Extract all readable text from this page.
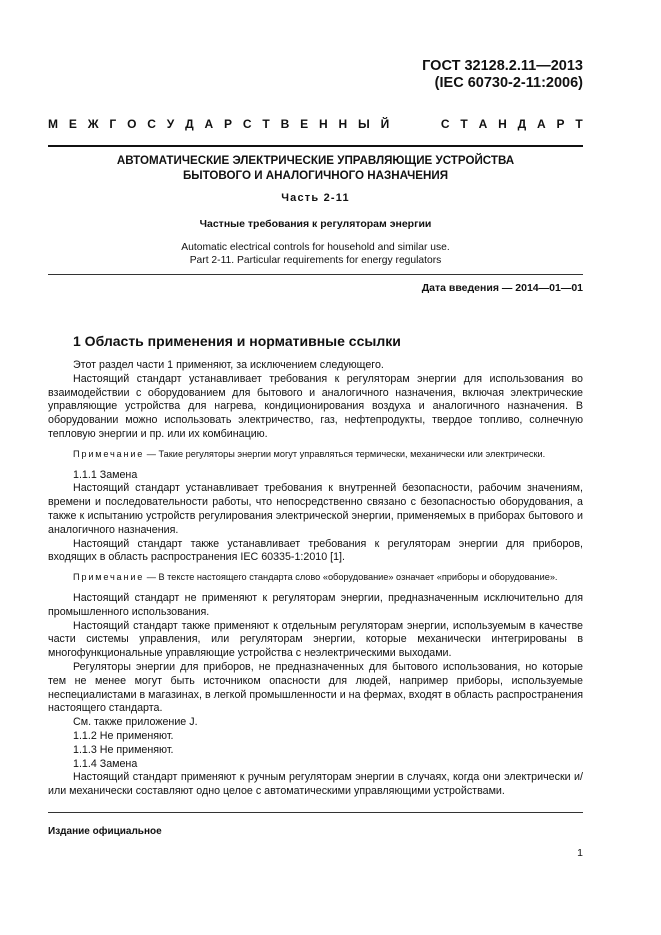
ГОСТ 32128.2.11—2013
(IEC 60730-2-11:2006)
М Е Ж Г О С У Д А Р С Т В Е Н Н Ы Й	С Т А Н Д А Р Т
АВТОМАТИЧЕСКИЕ ЭЛЕКТРИЧЕСКИЕ УПРАВЛЯЮЩИЕ УСТРОЙСТВА
БЫТОВОГО И АНАЛОГИЧНОГО НАЗНАЧЕНИЯ
Часть 2-11
Частные требования к регуляторам энергии
Automatic electrical controls for household and similar use.
Part 2-11. Particular requirements for energy regulators
Дата введения — 2014—01—01
1 Область применения и нормативные ссылки

Этот раздел части 1 применяют, за исключением следующего.

Настоящий стандарт устанавливает требования к регуляторам энергии для использования во взаимодействии с оборудованием для бытового и аналогичного назначения, включая электрические управляющие устройства для нагрева, кондиционирования воздуха и аналогичного назначения. В оборудовании можно использовать электричество, газ, нефтепродукты, твердое топливо, солнечную тепловую энергии и пр. или их комбинацию.

Примечание — Такие регуляторы энергии могут управляться термически, механически или электрически.

1.1.1 Замена

Настоящий стандарт устанавливает требования к внутренней безопасности, рабочим значениям, времени и последовательности работы, что непосредственно связано с безопасностью оборудования, а также к испытанию устройств регулирования электрической энергии, применяемых в приборах бытового и аналогичного назначения.

Настоящий стандарт также устанавливает требования к регуляторам энергии для приборов, входящих в область распространения IEC 60335-1:2010 [1].

Примечание — В тексте настоящего стандарта слово «оборудование» означает «приборы и оборудование».

Настоящий стандарт не применяют к регуляторам энергии, предназначенным исключительно для промышленного использования.

Настоящий стандарт также применяют к отдельным регуляторам энергии, используемым в качестве части системы управления, или регуляторам энергии, которые механически интегрированы в многофункциональные управляющие устройства с неэлектрическими выходами.

Регуляторы энергии для приборов, не предназначенных для бытового использования, но которые тем не менее могут быть источником опасности для людей, например приборы, используемые неспециалистами в магазинах, в легкой промышленности и на фермах, входят в область распространения настоящего стандарта.

См. также приложение J.

1.1.2 Не применяют.

1.1.3 Не применяют.

1.1.4 Замена

Настоящий стандарт применяют к ручным регуляторам энергии в случаях, когда они электрически и/или механически составляют одно целое с автоматическими управляющими устройствами.

Издание официальное
1
